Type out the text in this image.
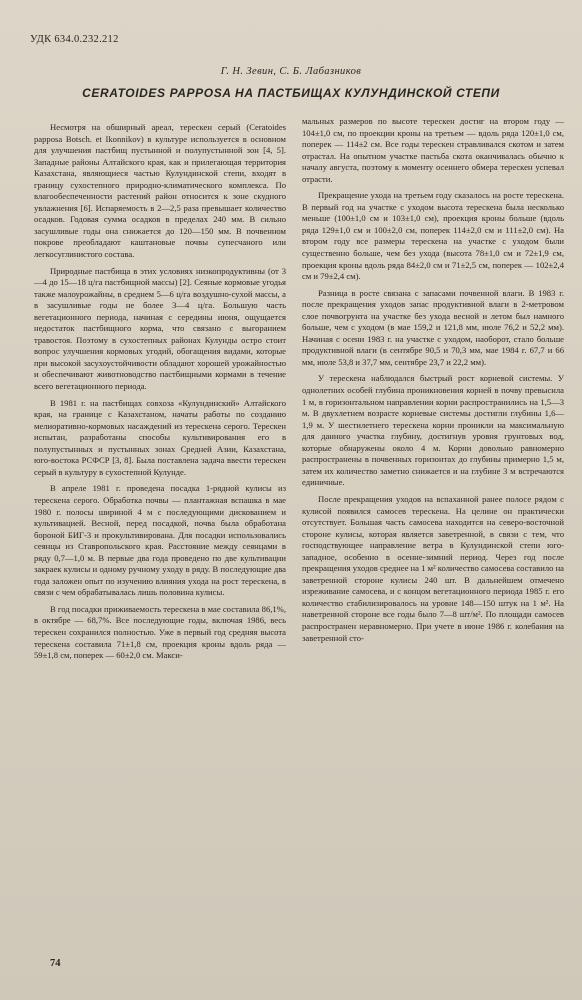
УДК 634.0.232.212
Г. Н. Зевин, С. Б. Лабазников
CERATOIDES PAPPOSA НА ПАСТБИЩАХ КУЛУНДИНСКОЙ СТЕПИ

Несмотря на обширный ареал, терескен серый (Ceratoides papposa Botsch. et Ikonnikov) в культуре используется в основном для улучшения пастбищ пустынной и полупустынной зон [4, 5]. Западные районы Алтайского края, как и прилегающая территория Казахстана, являющиеся частью Кулундинской степи, входят в границу сухостепного природно-климатического комплекса. По влагообеспеченности растений район относится к зоне скудного увлажнения [6]. Испаряемость в 2—2,5 раза превышает количество осадков. Годовая сумма осадков в пределах 240 мм. В сильно засушливые годы она снижается до 120—150 мм. В почвенном покрове преобладают каштановые почвы супесчаного или легкосуглинистого состава.

Природные пастбища в этих условиях низкопродуктивны (от 3—4 до 15—18 ц/га пастбищной массы) [2]. Сеяные кормовые угодья также малоурожайны, в среднем 5—6 ц/га воздушно-сухой массы, а в засушливые годы не более 3—4 ц/га. Большую часть вегетационного периода, начиная с середины июня, ощущается недостаток пастбищного корма, что связано с выгоранием травостоя. Поэтому в сухостепных районах Кулунды остро стоит вопрос улучшения кормовых угодий, обогащения видами, которые при высокой засухоустойчивости обладают хорошей урожайностью и обеспечивают животноводство пастбищными кормами в течение всего вегетационного периода.

В 1981 г. на пастбищах совхоза «Кулундинский» Алтайского края, на границе с Казахстаном, начаты работы по созданию мелиоративно-кормовых насаждений из терескена серого. Терескен испытан, разработаны способы культивирования его в полупустынных и пустынных зонах Средней Азии, Казахстана, юго-востока РСФСР [3, 8]. Была поставлена задача ввести терескен серый в культуру в сухостепной Кулунде.

В апреле 1981 г. проведена посадка 1-рядной кулисы из терескена серого. Обработка почвы — плантажная вспашка в мае 1980 г. полосы шириной 4 м с последующими дискованием и культивацией. Весной, перед посадкой, почва была обработана бороной БИГ-3 и прокультивирована. Для посадки использовались сеянцы из Ставропольского края. Расстояние между сеянцами в ряду 0,7—1,0 м. В первые два года проведено по две культивации закраек кулисы и одному ручному уходу в ряду. В последующие два года заложен опыт по изучению влияния ухода на рост терескена, в связи с чем обрабатывалась лишь половина кулисы.

В год посадки приживаемость терескена в мае составила 86,1%, в октябре — 68,7%. Все последующие годы, включая 1986, весь терескен сохранился полностью. Уже в первый год средняя высота терескена составила 71±1,8 см, проекция кроны вдоль ряда — 59±1,8 см, поперек — 60±2,0 см. Макси-

мальных размеров по высоте терескен достиг на втором году — 104±1,0 см, по проекции кроны на третьем — вдоль ряда 120±1,0 см, поперек — 114±2 см. Все годы терескен стравливался скотом и затем отрастал. На опытном участке пастьба скота оканчивалась обычно к началу августа, поэтому к моменту осеннего обмера терескен успевал отрасти.

Прекращение ухода на третьем году сказалось на росте терескена. В первый год на участке с уходом высота терескена была несколько меньше (100±1,0 см и 103±1,0 см), проекция кроны больше (вдоль ряда 129±1,0 см и 100±2,0 см, поперек 114±2,0 см и 111±2,0 см). На втором году все размеры терескена на участке с уходом были существенно больше, чем без ухода (высота 78±1,0 см и 72±1,9 см, проекция кроны вдоль ряда 84±2,0 см и 71±2,5 см, поперек — 102±2,4 см и 79±2,4 см).

Разница в росте связана с запасами почвенной влаги. В 1983 г. после прекращения уходов запас продуктивной влаги в 2-метровом слое почвогрунта на участке без ухода весной и летом был намного больше, чем с уходом (в мае 159,2 и 121,8 мм, июле 76,2 и 52,2 мм). Начиная с осени 1983 г. на участке с уходом, наоборот, стало больше продуктивной влаги (в сентябре 90,5 и 70,3 мм, мае 1984 г. 67,7 и 66 мм, июле 53,8 и 37,7 мм, сентябре 23,7 и 22,2 мм).

У терескена наблюдался быстрый рост корневой системы. У однолетних особей глубина проникновения корней в почву превысила 1 м, в горизонтальном направлении корни распространились на 1,5—3 м. В двухлетнем возрасте корневые системы достигли глубины 1,6—1,9 м. У шестилетнего терескена корни проникли на максимальную для данного участка глубину, достигнув уровня грунтовых вод, которые обнаружены около 4 м. Корни довольно равномерно распространены в почвенных горизонтах до глубины примерно 1,5 м, затем их количество заметно снижается и на глубине 3 м встречаются единичные.

После прекращения уходов на вспаханной ранее полосе рядом с кулисой появился самосев терескена. На целине он практически отсутствует. Большая часть самосева находится на северо-восточной стороне кулисы, которая является заветренной, в связи с тем, что господствующее направление ветра в Кулундинской степи юго-западное, особенно в осенне-зимний период. Через год после прекращения уходов среднее на 1 м² количество самосева составило на заветренной стороне кулисы 240 шт. В дальнейшем отмечено изреживание самосева, и с концом вегетационного периода 1985 г. его количество стабилизировалось на уровне 148—150 штук на 1 м². На наветренной стороне все годы было 7—8 шт/м². По площади самосев распространен неравномерно. При учете в июне 1986 г. колебания на заветренной сто-

74
